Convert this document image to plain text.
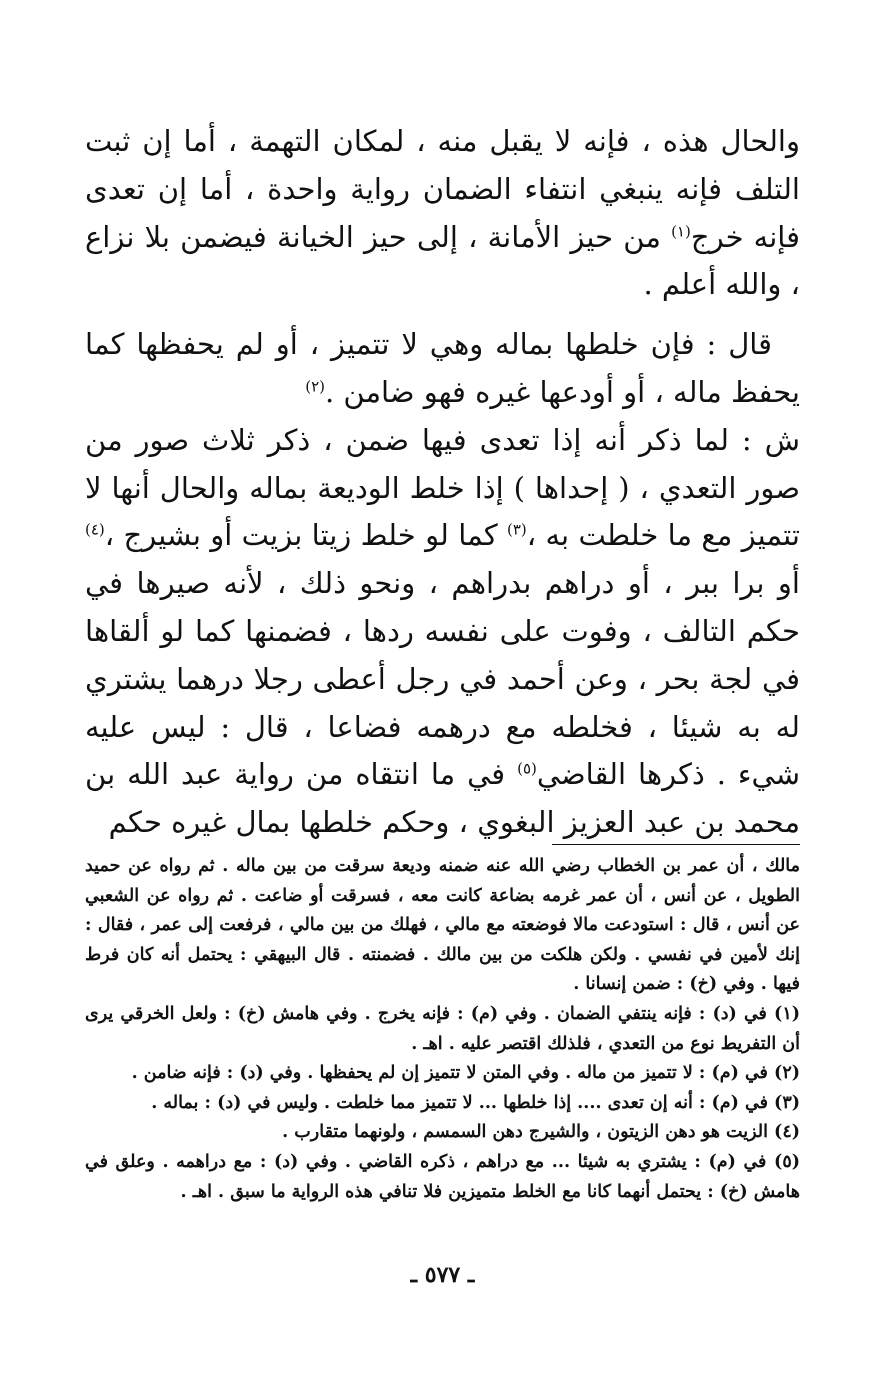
والحال هذه ، فإنه لا يقبل منه ، لمكان التهمة ، أما إن ثبت التلف فإنه ينبغي انتفاء الضمان رواية واحدة ، أما إن تعدى فإنه خرج$^{(١)}$ من حيز الأمانة ، إلى حيز الخيانة فيضمن بلا نزاع ، والله أعلم .

قال : فإن خلطها بماله وهي لا تتميز ، أو لم يحفظها كما يحفظ ماله ، أو أودعها غيره فهو ضامن .$^{(٢)}$

ش : لما ذكر أنه إذا تعدى فيها ضمن ، ذكر ثلاث صور من صور التعدي ، ( إحداها ) إذا خلط الوديعة بماله والحال أنها لا تتميز مع ما خلطت به ،$^{(٣)}$ كما لو خلط زيتا بزيت أو بشيرج ،$^{(٤)}$ أو برا ببر ، أو دراهم بدراهم ، ونحو ذلك ، لأنه صيرها في حكم التالف ، وفوت على نفسه ردها ، فضمنها كما لو ألقاها في لجة بحر ، وعن أحمد في رجل أعطى رجلا درهما يشتري له به شيئا ، فخلطه مع درهمه فضاعا ، قال : ليس عليه شيء . ذكرها القاضي$^{(٥)}$ في ما انتقاه من رواية عبد الله بن محمد بن عبد العزيز البغوي ، وحكم خلطها بمال غيره حكم

مالك ، أن عمر بن الخطاب رضي الله عنه ضمنه وديعة سرقت من بين ماله . ثم رواه عن حميد الطويل ، عن أنس ، أن عمر غرمه بضاعة كانت معه ، فسرقت أو ضاعت . ثم رواه عن الشعبي عن أنس ، قال : استودعت مالا فوضعته مع مالي ، فهلك من بين مالي ، فرفعت إلى عمر ، فقال : إنك لأمين في نفسي . ولكن هلكت من بين مالك . فضمنته . قال البيهقي : يحتمل أنه كان فرط فيها . وفي (خ) : ضمن إنسانا .

(١) في (د) : فإنه ينتفي الضمان . وفي (م) : فإنه يخرج . وفي هامش (خ) : ولعل الخرقي يرى أن التفريط نوع من التعدي ، فلذلك اقتصر عليه . اهـ .

(٢) في (م) : لا تتميز من ماله . وفي المتن لا تتميز إن لم يحفظها . وفي (د) : فإنه ضامن .

(٣) في (م) : أنه إن تعدى .... إذا خلطها ... لا تتميز مما خلطت . وليس في (د) : بماله .

(٤) الزيت هو دهن الزيتون ، والشيرج دهن السمسم ، ولونهما متقارب .

(٥) في (م) : يشتري به شيئا ... مع دراهم ، ذكره القاضي . وفي (د) : مع دراهمه . وعلق في هامش (خ) : يحتمل أنهما كانا مع الخلط متميزين فلا تنافي هذه الرواية ما سبق . اهـ .

ـ ٥٧٧ ـ
